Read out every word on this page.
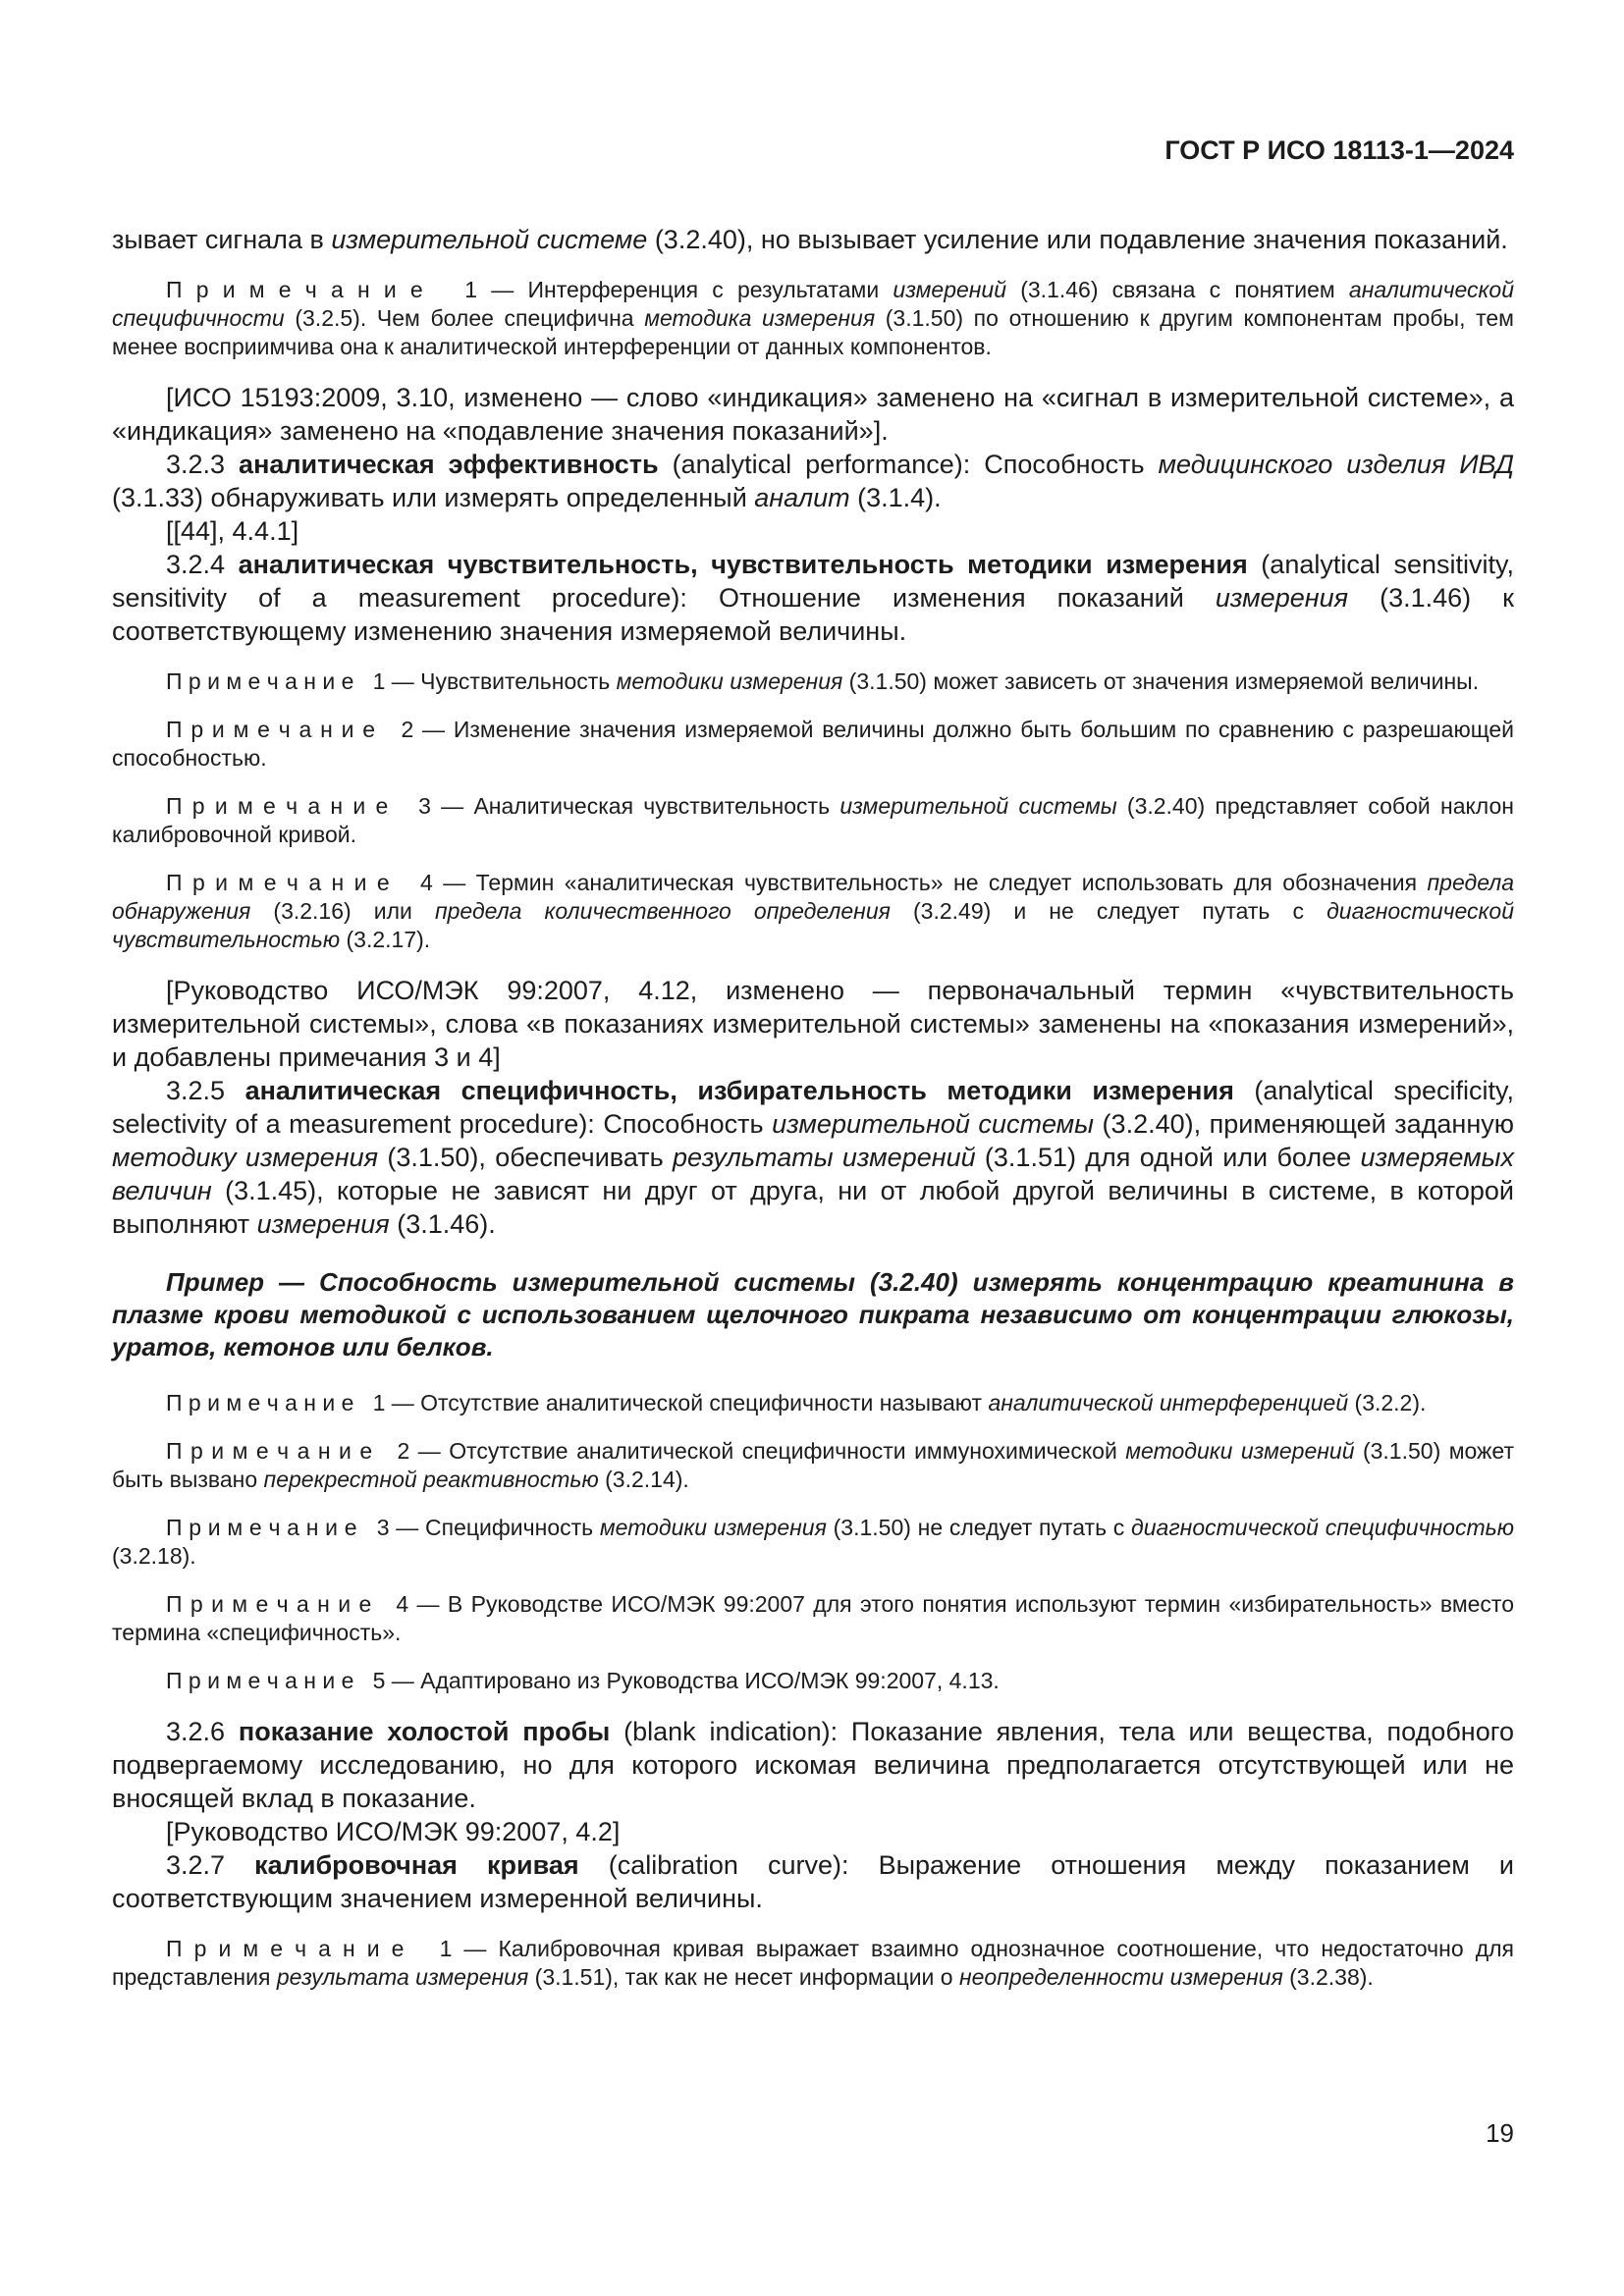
ГОСТ Р ИСО 18113-1—2024

зывает сигнала в измерительной системе (3.2.40), но вызывает усиление или подавление значения показаний.

П р и м е ч а н и е   1 — Интерференция с результатами измерений (3.1.46) связана с понятием аналитической специфичности (3.2.5). Чем более специфична методика измерения (3.1.50) по отношению к другим компонентам пробы, тем менее восприимчива она к аналитической интерференции от данных компонентов.

[ИСО 15193:2009, 3.10, изменено — слово «индикация» заменено на «сигнал в измерительной системе», а «индикация» заменено на «подавление значения показаний»].

3.2.3 аналитическая эффективность (analytical performance): Способность медицинского изделия ИВД (3.1.33) обнаруживать или измерять определенный аналит (3.1.4).

[[44], 4.4.1]

3.2.4 аналитическая чувствительность, чувствительность методики измерения (analytical sensitivity, sensitivity of a measurement procedure): Отношение изменения показаний измерения (3.1.46) к соответствующему изменению значения измеряемой величины.

П р и м е ч а н и е   1 — Чувствительность методики измерения (3.1.50) может зависеть от значения измеряемой величины.

П р и м е ч а н и е   2 — Изменение значения измеряемой величины должно быть большим по сравнению с разрешающей способностью.

П р и м е ч а н и е   3 — Аналитическая чувствительность измерительной системы (3.2.40) представляет собой наклон калибровочной кривой.

П р и м е ч а н и е   4 — Термин «аналитическая чувствительность» не следует использовать для обозначения предела обнаружения (3.2.16) или предела количественного определения (3.2.49) и не следует путать с диагностической чувствительностью (3.2.17).

[Руководство ИСО/МЭК 99:2007, 4.12, изменено — первоначальный термин «чувствительность измерительной системы», слова «в показаниях измерительной системы» заменены на «показания измерений», и добавлены примечания 3 и 4]

3.2.5 аналитическая специфичность, избирательность методики измерения (analytical specificity, selectivity of a measurement procedure): Способность измерительной системы (3.2.40), применяющей заданную методику измерения (3.1.50), обеспечивать результаты измерений (3.1.51) для одной или более измеряемых величин (3.1.45), которые не зависят ни друг от друга, ни от любой другой величины в системе, в которой выполняют измерения (3.1.46).

Пример — Способность измерительной системы (3.2.40) измерять концентрацию креатинина в плазме крови методикой с использованием щелочного пикрата независимо от концентрации глюкозы, уратов, кетонов или белков.

П р и м е ч а н и е   1 — Отсутствие аналитической специфичности называют аналитической интерференцией (3.2.2).

П р и м е ч а н и е   2 — Отсутствие аналитической специфичности иммунохимической методики измерений (3.1.50) может быть вызвано перекрестной реактивностью (3.2.14).

П р и м е ч а н и е   3 — Специфичность методики измерения (3.1.50) не следует путать с диагностической специфичностью (3.2.18).

П р и м е ч а н и е   4 — В Руководстве ИСО/МЭК 99:2007 для этого понятия используют термин «избирательность» вместо термина «специфичность».

П р и м е ч а н и е   5 — Адаптировано из Руководства ИСО/МЭК 99:2007, 4.13.

3.2.6 показание холостой пробы (blank indication): Показание явления, тела или вещества, подобного подвергаемому исследованию, но для которого искомая величина предполагается отсутствующей или не вносящей вклад в показание.

[Руководство ИСО/МЭК 99:2007, 4.2]

3.2.7 калибровочная кривая (calibration curve): Выражение отношения между показанием и соответствующим значением измеренной величины.

П р и м е ч а н и е   1 — Калибровочная кривая выражает взаимно однозначное соотношение, что недостаточно для представления результата измерения (3.1.51), так как не несет информации о неопределенности измерения (3.2.38).

19
